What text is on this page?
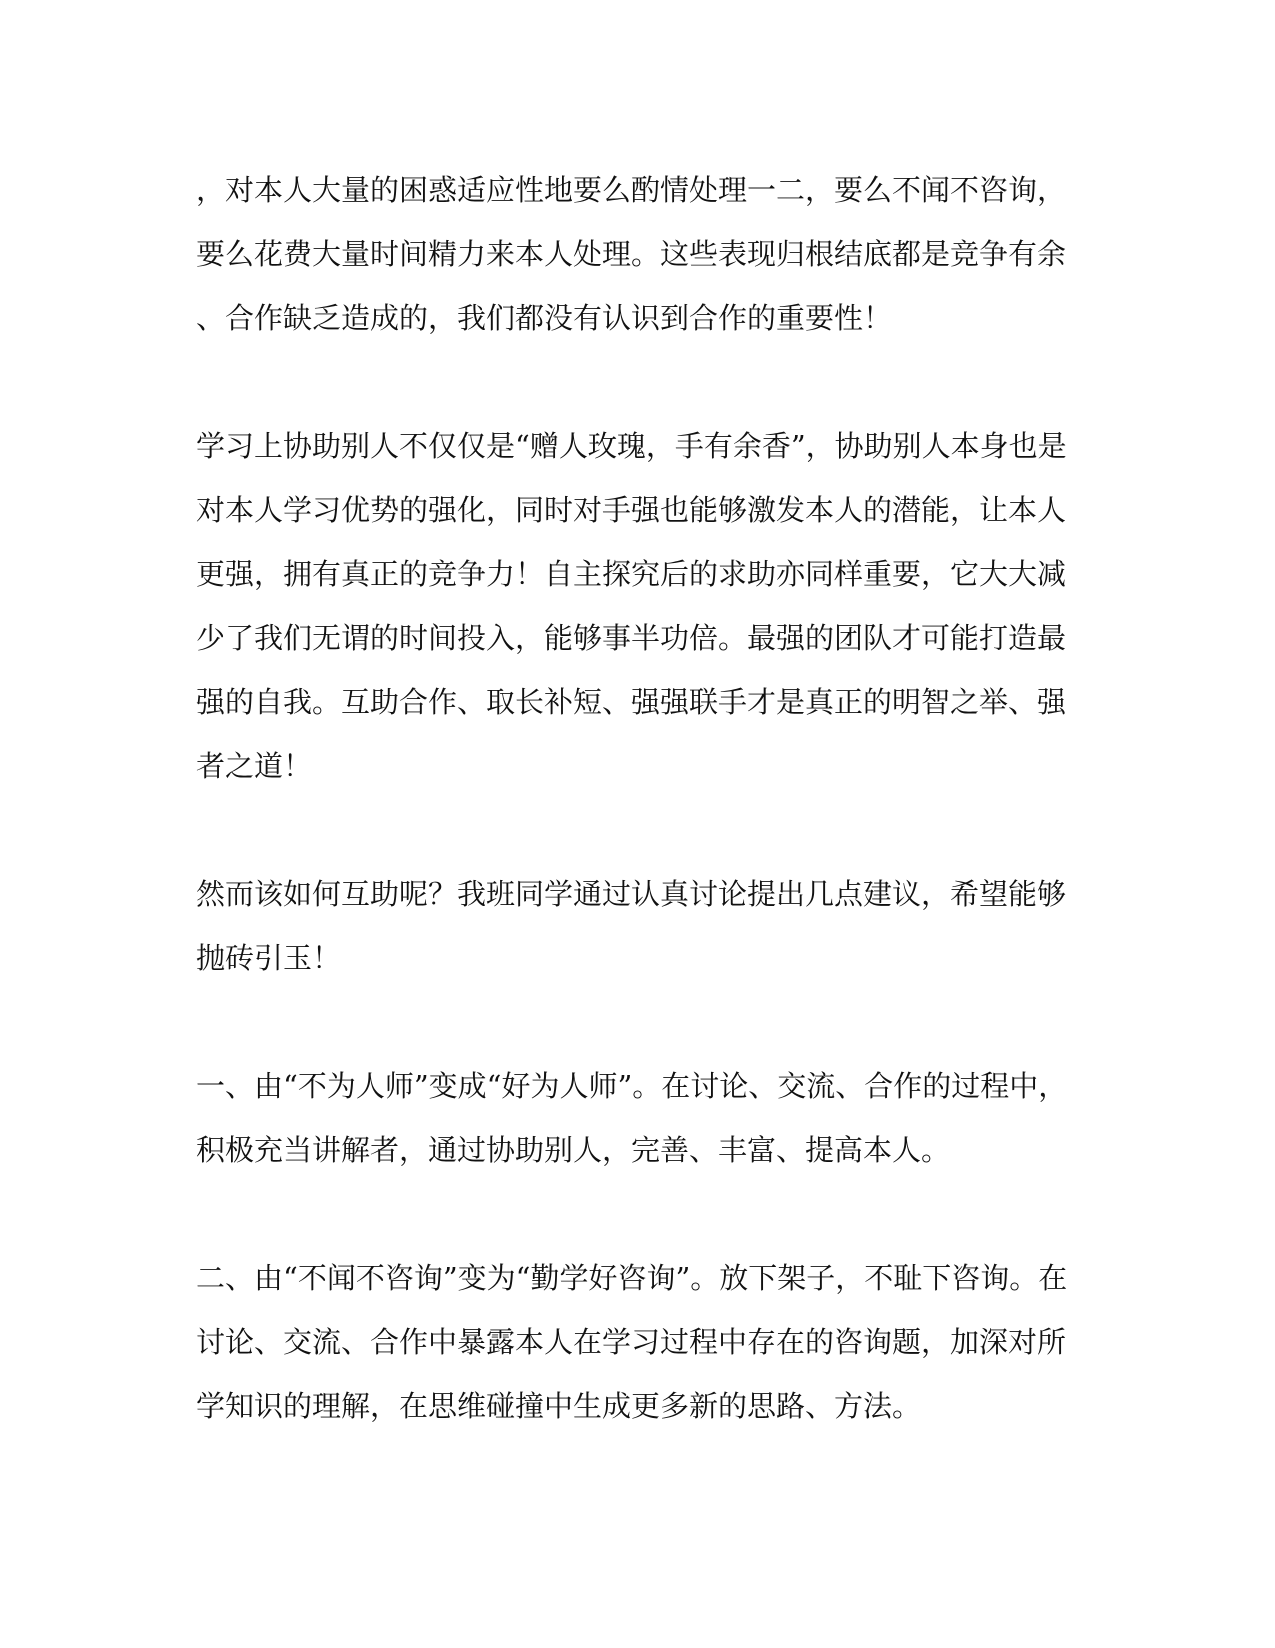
，对本人大量的困惑适应性地要么酌情处理一二，要么不闻不咨询，
要么花费大量时间精力来本人处理。这些表现归根结底都是竞争有余
、合作缺乏造成的，我们都没有认识到合作的重要性！
学习上协助别人不仅仅是“赠人玫瑰，手有余香”，协助别人本身也是
对本人学习优势的强化，同时对手强也能够激发本人的潜能，让本人
更强，拥有真正的竞争力！自主探究后的求助亦同样重要，它大大减
少了我们无谓的时间投入，能够事半功倍。最强的团队才可能打造最
强的自我。互助合作、取长补短、强强联手才是真正的明智之举、强
者之道！
然而该如何互助呢？我班同学通过认真讨论提出几点建议，希望能够
抛砖引玉！
一、由“不为人师”变成“好为人师”。在讨论、交流、合作的过程中，
积极充当讲解者，通过协助别人，完善、丰富、提高本人。
二、由“不闻不咨询”变为“勤学好咨询”。放下架子，不耻下咨询。在
讨论、交流、合作中暴露本人在学习过程中存在的咨询题，加深对所
学知识的理解，在思维碰撞中生成更多新的思路、方法。
